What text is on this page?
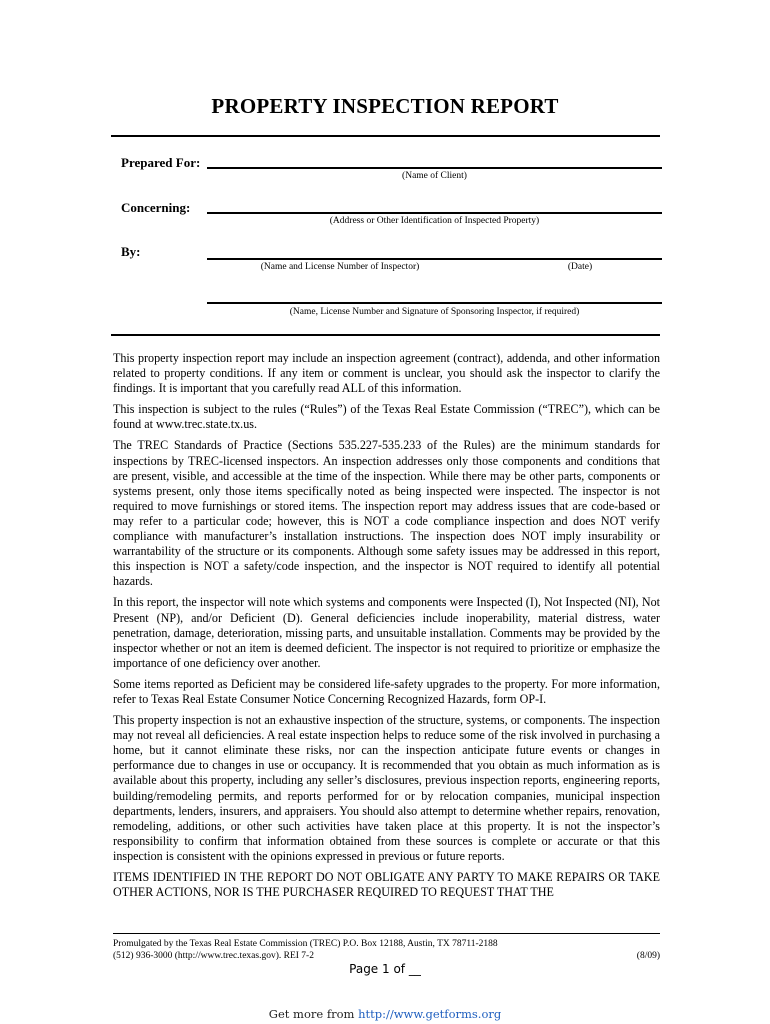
PROPERTY INSPECTION REPORT
Prepared For:
(Name of Client)
Concerning:
(Address or Other Identification of Inspected Property)
By:
(Name and License Number of Inspector)	(Date)
(Name, License Number and Signature of Sponsoring Inspector, if required)

This property inspection report may include an inspection agreement (contract), addenda, and other information related to property conditions. If any item or comment is unclear, you should ask the inspector to clarify the findings. It is important that you carefully read ALL of this information.

This inspection is subject to the rules (“Rules”) of the Texas Real Estate Commission (“TREC”), which can be found at www.trec.state.tx.us.

The TREC Standards of Practice (Sections 535.227-535.233 of the Rules) are the minimum standards for inspections by TREC-licensed inspectors. An inspection addresses only those components and conditions that are present, visible, and accessible at the time of the inspection. While there may be other parts, components or systems present, only those items specifically noted as being inspected were inspected. The inspector is not required to move furnishings or stored items. The inspection report may address issues that are code-based or may refer to a particular code; however, this is NOT a code compliance inspection and does NOT verify compliance with manufacturer’s installation instructions. The inspection does NOT imply insurability or warrantability of the structure or its components. Although some safety issues may be addressed in this report, this inspection is NOT a safety/code inspection, and the inspector is NOT required to identify all potential hazards.

In this report, the inspector will note which systems and components were Inspected (I), Not Inspected (NI), Not Present (NP), and/or Deficient (D). General deficiencies include inoperability, material distress, water penetration, damage, deterioration, missing parts, and unsuitable installation. Comments may be provided by the inspector whether or not an item is deemed deficient. The inspector is not required to prioritize or emphasize the importance of one deficiency over another.

Some items reported as Deficient may be considered life-safety upgrades to the property. For more information, refer to Texas Real Estate Consumer Notice Concerning Recognized Hazards, form OP-I.

This property inspection is not an exhaustive inspection of the structure, systems, or components. The inspection may not reveal all deficiencies. A real estate inspection helps to reduce some of the risk involved in purchasing a home, but it cannot eliminate these risks, nor can the inspection anticipate future events or changes in performance due to changes in use or occupancy. It is recommended that you obtain as much information as is available about this property, including any seller’s disclosures, previous inspection reports, engineering reports, building/remodeling permits, and reports performed for or by relocation companies, municipal inspection departments, lenders, insurers, and appraisers. You should also attempt to determine whether repairs, renovation, remodeling, additions, or other such activities have taken place at this property. It is not the inspector’s responsibility to confirm that information obtained from these sources is complete or accurate or that this inspection is consistent with the opinions expressed in previous or future reports.

ITEMS IDENTIFIED IN THE REPORT DO NOT OBLIGATE ANY PARTY TO MAKE REPAIRS OR TAKE OTHER ACTIONS, NOR IS THE PURCHASER REQUIRED TO REQUEST THAT THE

Promulgated by the Texas Real Estate Commission (TREC) P.O. Box 12188, Austin, TX 78711-2188
(512) 936-3000 (http://www.trec.texas.gov). REI 7-2	(8/09)
Page 1 of __
Get more from http://www.getforms.org
